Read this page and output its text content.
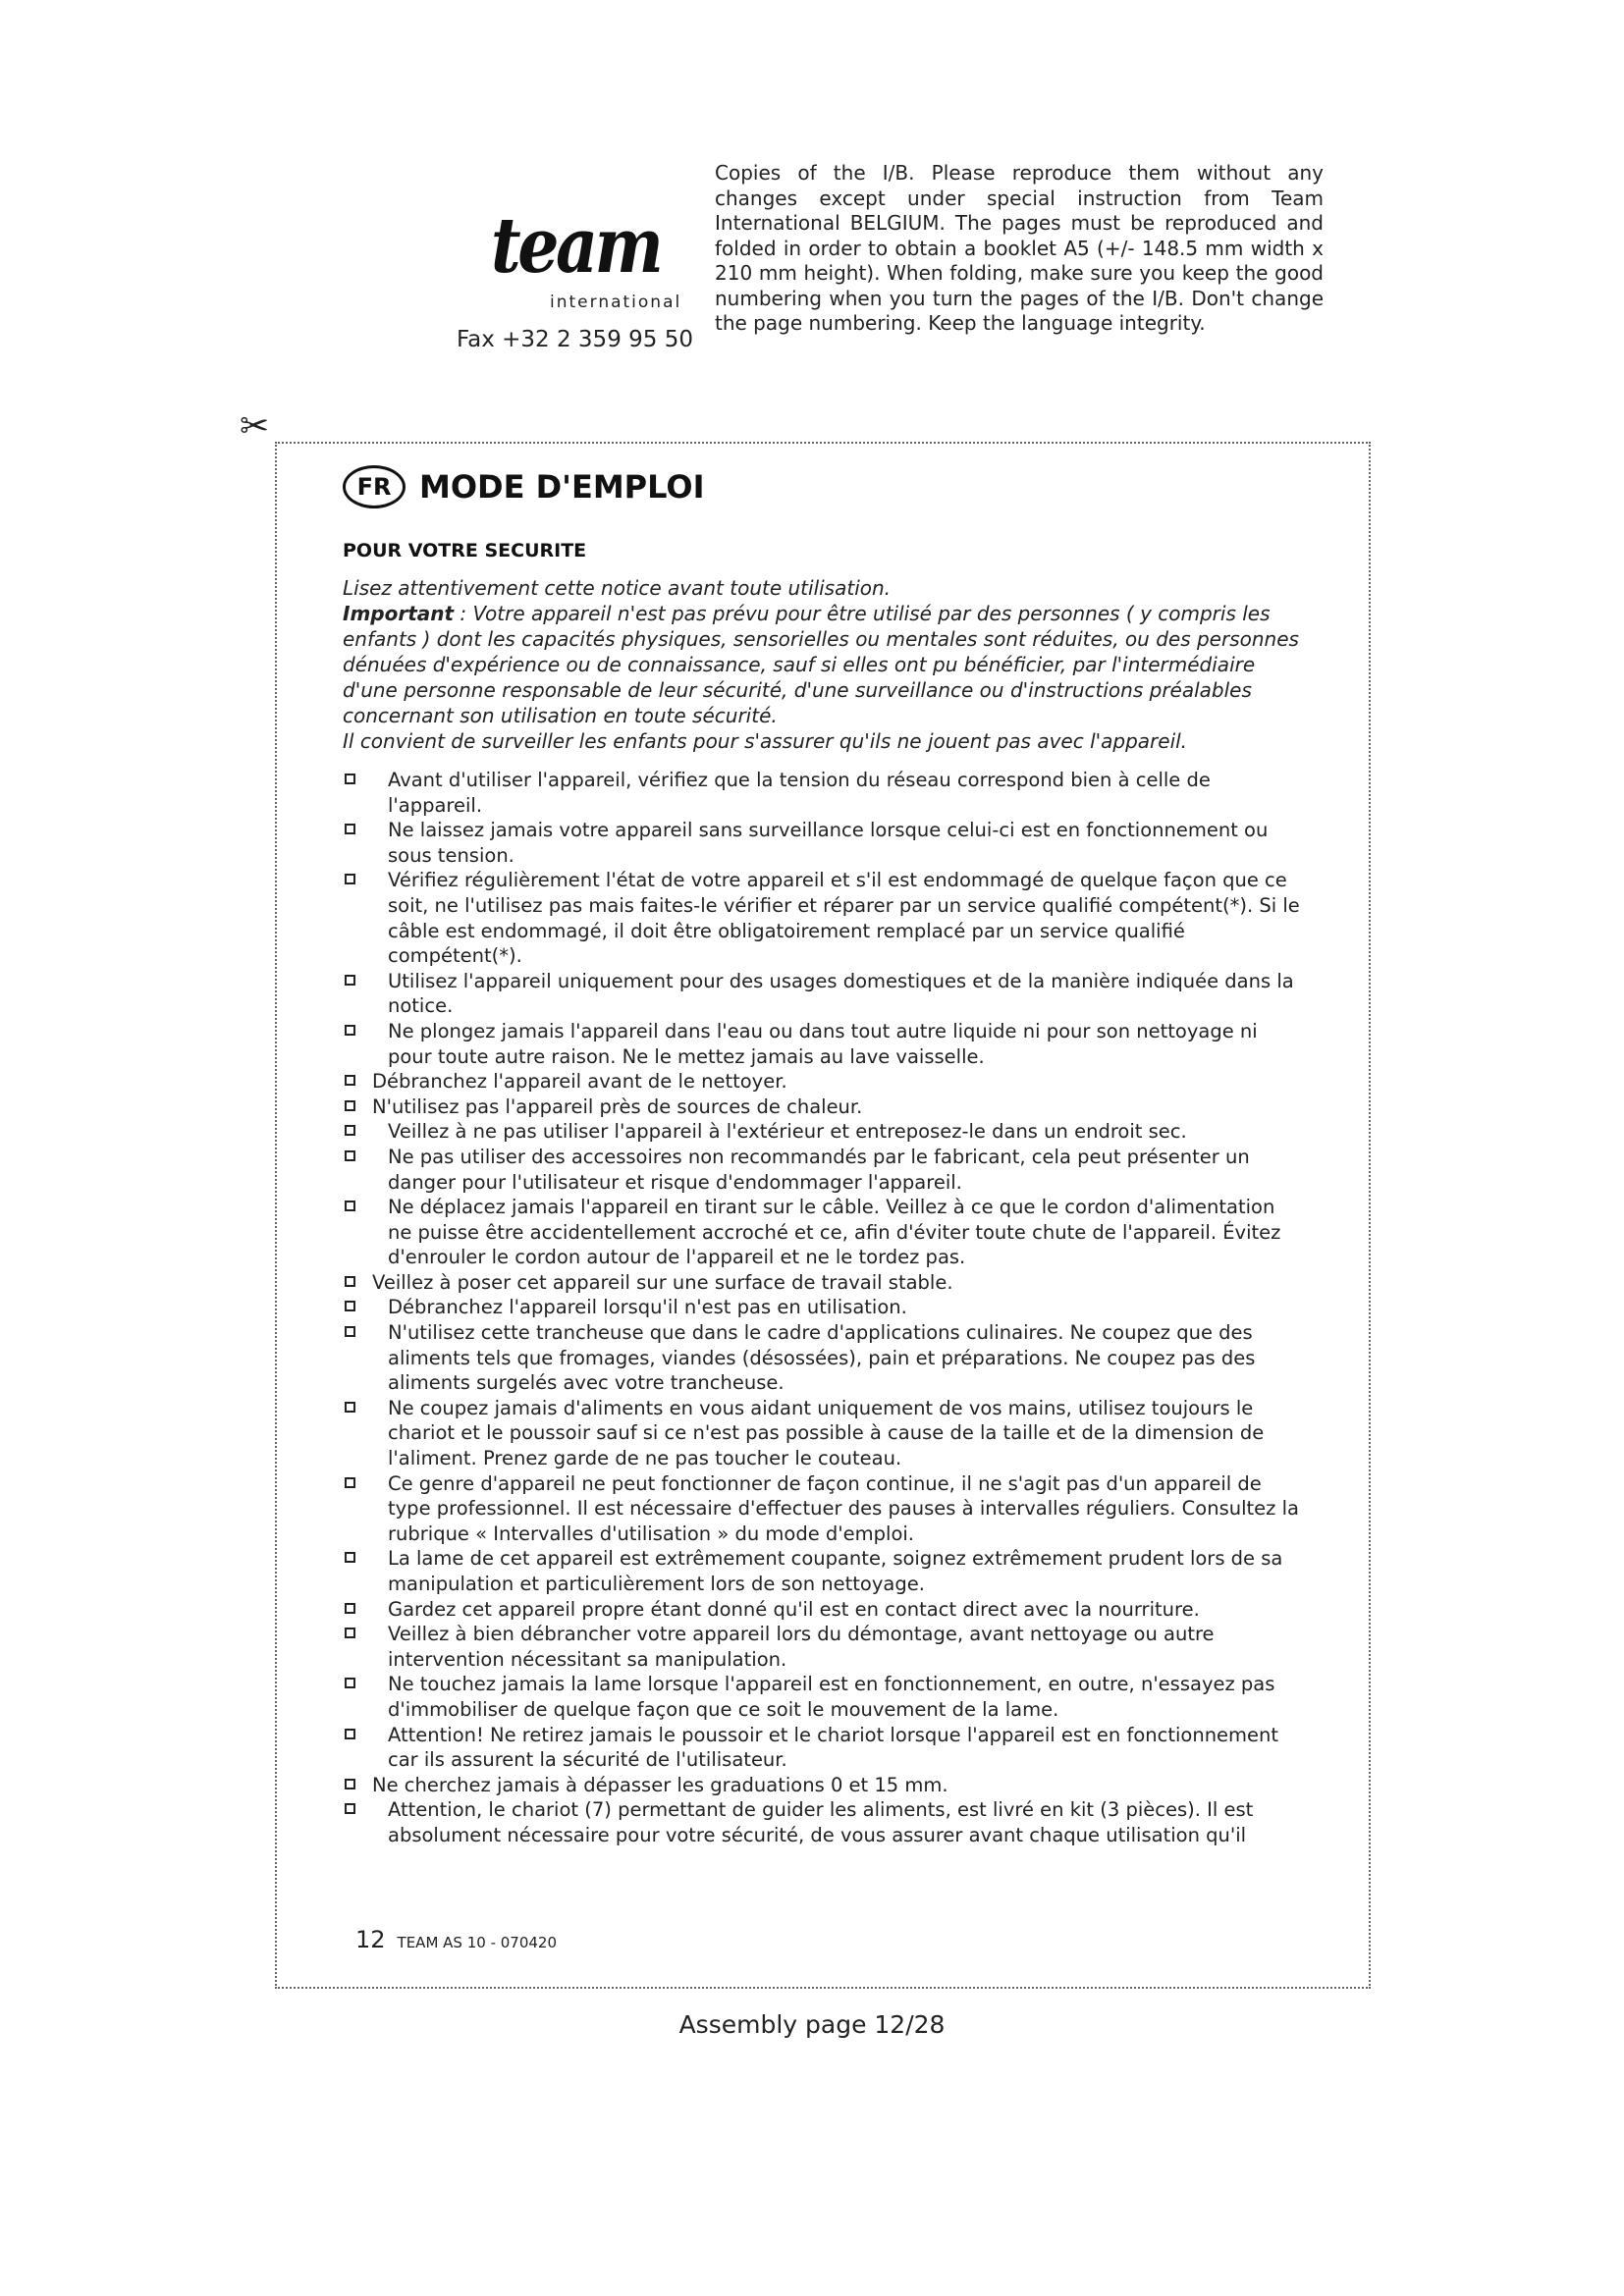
team
international
Fax +32 2 359 95 50
Copies of the I/B. Please reproduce them without any changes except under special instruction from Team International BELGIUM. The pages must be reproduced and folded in order to obtain a booklet A5 (+/- 148.5 mm width x 210 mm height). When folding, make sure you keep the good numbering when you turn the pages of the I/B. Don't change the page numbering. Keep the language integrity.
✂
FR MODE D'EMPLOI
POUR VOTRE SECURITE

Lisez attentivement cette notice avant toute utilisation.

Important : Votre appareil n'est pas prévu pour être utilisé par des personnes ( y compris les enfants ) dont les capacités physiques, sensorielles ou mentales sont réduites, ou des personnes dénuées d'expérience ou de connaissance, sauf si elles ont pu bénéficier, par l'intermédiaire d'une personne responsable de leur sécurité, d'une surveillance ou d'instructions préalables concernant son utilisation en toute sécurité.

Il convient de surveiller les enfants pour s'assurer qu'ils ne jouent pas avec l'appareil.

Avant d'utiliser l'appareil, vérifiez que la tension du réseau correspond bien à celle de l'appareil.
Ne laissez jamais votre appareil sans surveillance lorsque celui-ci est en fonctionnement ou sous tension.
Vérifiez régulièrement l'état de votre appareil et s'il est endommagé de quelque façon que ce soit, ne l'utilisez pas mais faites-le vérifier et réparer par un service qualifié compétent(*). Si le câble est endommagé, il doit être obligatoirement remplacé par un service qualifié compétent(*).
Utilisez l'appareil uniquement pour des usages domestiques et de la manière indiquée dans la notice.
Ne plongez jamais l'appareil dans l'eau ou dans tout autre liquide ni pour son nettoyage ni pour toute autre raison. Ne le mettez jamais au lave vaisselle.
Débranchez l'appareil avant de le nettoyer.
N'utilisez pas l'appareil près de sources de chaleur.
Veillez à ne pas utiliser l'appareil à l'extérieur et entreposez-le dans un endroit sec.
Ne pas utiliser des accessoires non recommandés par le fabricant, cela peut présenter un danger pour l'utilisateur et risque d'endommager l'appareil.
Ne déplacez jamais l'appareil en tirant sur le câble. Veillez à ce que le cordon d'alimentation ne puisse être accidentellement accroché et ce, afin d'éviter toute chute de l'appareil. Évitez d'enrouler le cordon autour de l'appareil et ne le tordez pas.
Veillez à poser cet appareil sur une surface de travail stable.
Débranchez l'appareil lorsqu'il n'est pas en utilisation.
N'utilisez cette trancheuse que dans le cadre d'applications culinaires. Ne coupez que des aliments tels que fromages, viandes (désossées), pain et préparations. Ne coupez pas des aliments surgelés avec votre trancheuse.
Ne coupez jamais d'aliments en vous aidant uniquement de vos mains, utilisez toujours le chariot et le poussoir sauf si ce n'est pas possible à cause de la taille et de la dimension de l'aliment. Prenez garde de ne pas toucher le couteau.
Ce genre d'appareil ne peut fonctionner de façon continue, il ne s'agit pas d'un appareil de type professionnel. Il est nécessaire d'effectuer des pauses à intervalles réguliers. Consultez la rubrique « Intervalles d'utilisation » du mode d'emploi.
La lame de cet appareil est extrêmement coupante, soignez extrêmement prudent lors de sa manipulation et particulièrement lors de son nettoyage.
Gardez cet appareil propre étant donné qu'il est en contact direct avec la nourriture.
Veillez à bien débrancher votre appareil lors du démontage, avant nettoyage ou autre intervention nécessitant sa manipulation.
Ne touchez jamais la lame lorsque l'appareil est en fonctionnement, en outre, n'essayez pas d'immobiliser de quelque façon que ce soit le mouvement de la lame.
Attention! Ne retirez jamais le poussoir et le chariot lorsque l'appareil est en fonctionnement car ils assurent la sécurité de l'utilisateur.
Ne cherchez jamais à dépasser les graduations 0 et 15 mm.
Attention, le chariot (7) permettant de guider les aliments, est livré en kit (3 pièces). Il est absolument nécessaire pour votre sécurité, de vous assurer avant chaque utilisation qu'il
12 TEAM AS 10 - 070420
Assembly page 12/28
